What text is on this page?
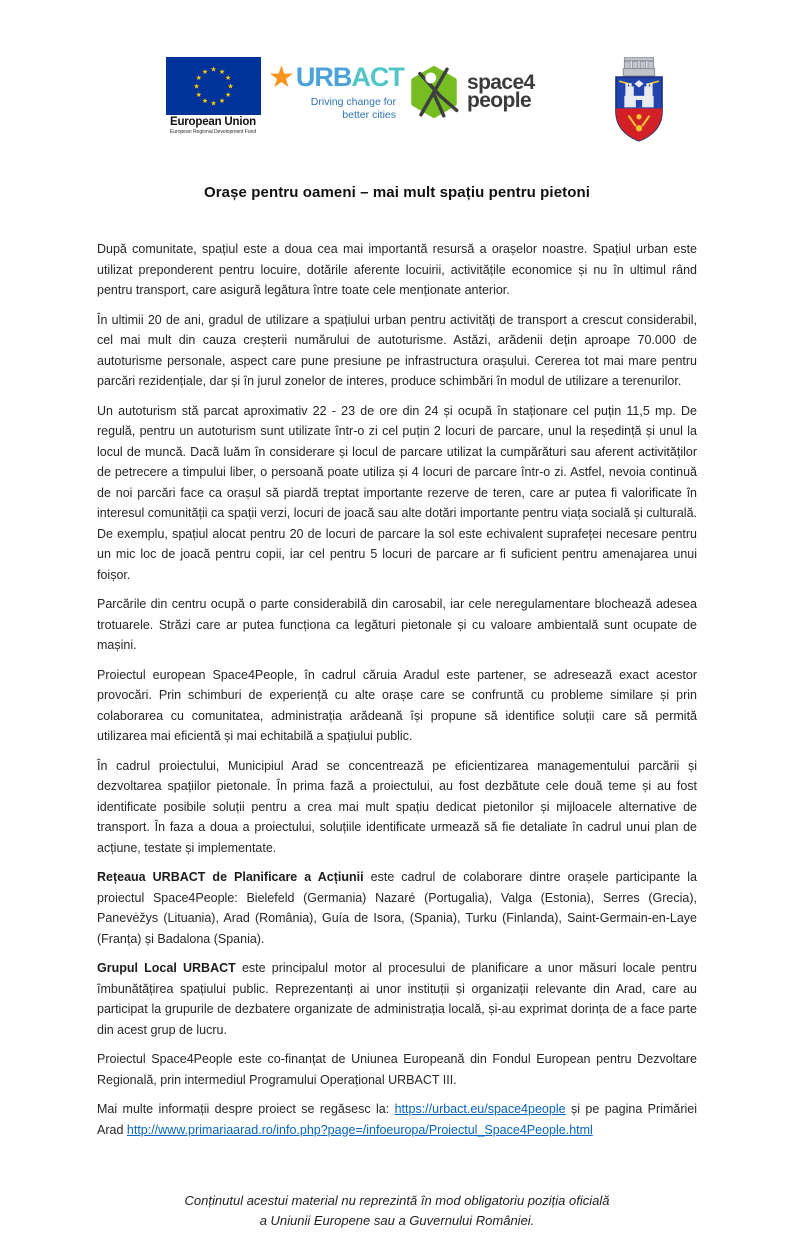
★ ★
★
★
★
★
★
★
★
★
★
★
European Union
European Regional Development Fund
★ URB ACT
Driving change for
better cities
space4
people
Orașe pentru oameni – mai mult spațiu pentru pietoni

După comunitate, spațiul este a doua cea mai importantă resursă a orașelor noastre. Spațiul urban este utilizat preponderent pentru locuire, dotările aferente locuirii, activitățile economice și nu în ultimul rând pentru transport, care asigură legătura între toate cele menționate anterior.

În ultimii 20 de ani, gradul de utilizare a spațiului urban pentru activități de transport a crescut considerabil, cel mai mult din cauza creșterii numărului de autoturisme. Astăzi, arădenii dețin aproape 70.000 de autoturisme personale, aspect care pune presiune pe infrastructura orașului. Cererea tot mai mare pentru parcări rezidențiale, dar și în jurul zonelor de interes, produce schimbări în modul de utilizare a terenurilor.

Un autoturism stă parcat aproximativ 22 - 23 de ore din 24 și ocupă în staționare cel puțin 11,5 mp. De regulă, pentru un autoturism sunt utilizate într-o zi cel puțin 2 locuri de parcare, unul la reședință și unul la locul de muncă. Dacă luăm în considerare și locul de parcare utilizat la cumpărături sau aferent activităților de petrecere a timpului liber, o persoană poate utiliza și 4 locuri de parcare într-o zi. Astfel, nevoia continuă de noi parcări face ca orașul să piardă treptat importante rezerve de teren, care ar putea fi valorificate în interesul comunității ca spații verzi, locuri de joacă sau alte dotări importante pentru viața socială și culturală. De exemplu, spațiul alocat pentru 20 de locuri de parcare la sol este echivalent suprafeței necesare pentru un mic loc de joacă pentru copii, iar cel pentru 5 locuri de parcare ar fi suficient pentru amenajarea unui foișor.

Parcările din centru ocupă o parte considerabilă din carosabil, iar cele neregulamentare blochează adesea trotuarele. Străzi care ar putea funcționa ca legături pietonale și cu valoare ambientală sunt ocupate de mașini.

Proiectul european Space4People, în cadrul căruia Aradul este partener, se adresează exact acestor provocări. Prin schimburi de experiență cu alte orașe care se confruntă cu probleme similare și prin colaborarea cu comunitatea, administrația arădeană își propune să identifice soluții care să permită utilizarea mai eficientă și mai echitabilă a spațiului public.

În cadrul proiectului, Municipiul Arad se concentrează pe eficientizarea managementului parcării și dezvoltarea spațiilor pietonale. În prima fază a proiectului, au fost dezbătute cele două teme și au fost identificate posibile soluții pentru a crea mai mult spațiu dedicat pietonilor și mijloacele alternative de transport. În faza a doua a proiectului, soluțiile identificate urmează să fie detaliate în cadrul unui plan de acțiune, testate și implementate.

Rețeaua URBACT de Planificare a Acțiunii este cadrul de colaborare dintre orașele participante la proiectul Space4People: Bielefeld (Germania) Nazaré (Portugalia), Valga (Estonia), Serres (Grecia), Panevėžys (Lituania), Arad (România), Guía de Isora, (Spania), Turku (Finlanda), Saint-Germain-en-Laye (Franța) și Badalona (Spania).

Grupul Local URBACT este principalul motor al procesului de planificare a unor măsuri locale pentru îmbunătățirea spațiului public. Reprezentanți ai unor instituții și organizații relevante din Arad, care au participat la grupurile de dezbatere organizate de administrația locală, și-au exprimat dorința de a face parte din acest grup de lucru.

Proiectul Space4People este co-finanțat de Uniunea Europeană din Fondul European pentru Dezvoltare Regională, prin intermediul Programului Operațional URBACT III.

Mai multe informații despre proiect se regăsesc la: https://urbact.eu/space4people și pe pagina Primăriei Arad http://www.primariaarad.ro/info.php?page=/infoeuropa/Proiectul_Space4People.html

Conținutul acestui material nu reprezintă în mod obligatoriu poziția oficială
a Uniunii Europene sau a Guvernului României.
